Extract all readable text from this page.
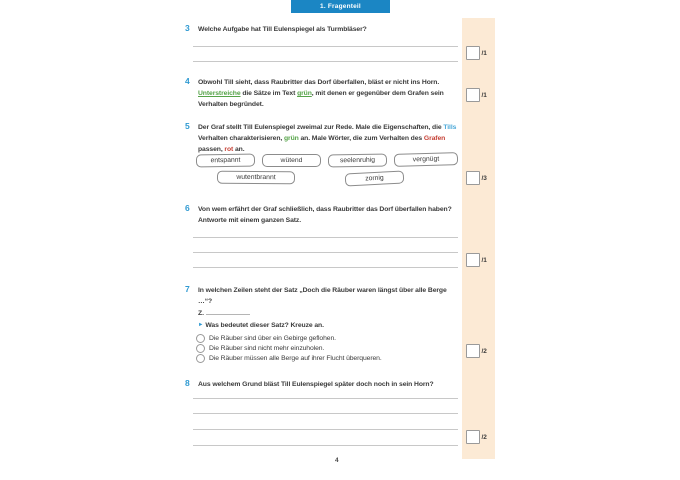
1. Fragenteil
3 Welche Aufgabe hat Till Eulenspiegel als Turmbläser?
4 Obwohl Till sieht, dass Raubritter das Dorf überfallen, bläst er nicht ins Horn. Unterstreiche die Sätze im Text grün, mit denen er gegenüber dem Grafen sein Verhalten begründet.
5 Der Graf stellt Till Eulenspiegel zweimal zur Rede. Male die Eigenschaften, die Tills Verhalten charakterisieren, grün an. Male Wörter, die zum Verhalten des Grafen passen, rot an.
entspannt	wütend	seelenruhig	vergnügt
wutentbrannt	zornig
6 Von wem erfährt der Graf schließlich, dass Raubritter das Dorf überfallen haben? Antworte mit einem ganzen Satz.
7 In welchen Zeilen steht der Satz „Doch die Räuber waren längst über alle Berge …“?
Z.
► Was bedeutet dieser Satz? Kreuze an.
Die Räuber sind über ein Gebirge geflohen.
Die Räuber sind nicht mehr einzuholen.
Die Räuber müssen alle Berge auf ihrer Flucht überqueren.
8 Aus welchem Grund bläst Till Eulenspiegel später doch noch in sein Horn?
/1
/1
/3
/1
/2
/2
4
